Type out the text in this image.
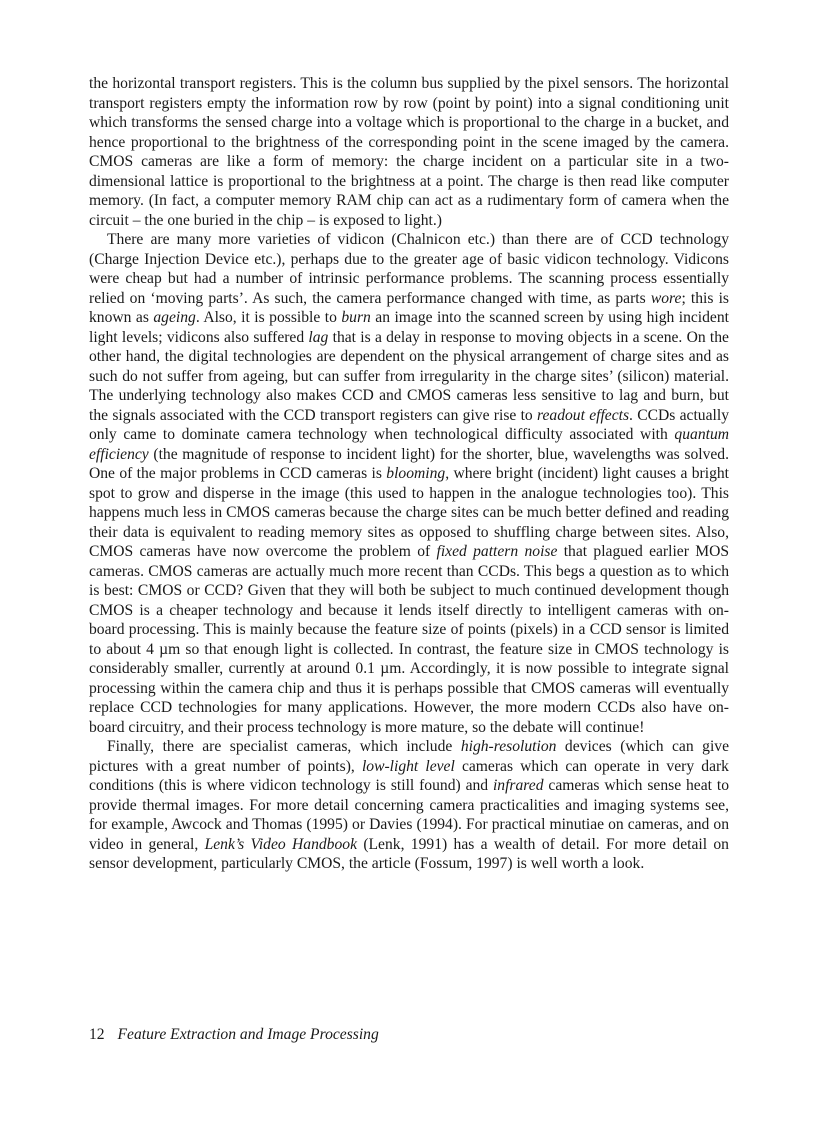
the horizontal transport registers. This is the column bus supplied by the pixel sensors. The horizontal transport registers empty the information row by row (point by point) into a signal conditioning unit which transforms the sensed charge into a voltage which is proportional to the charge in a bucket, and hence proportional to the brightness of the corresponding point in the scene imaged by the camera. CMOS cameras are like a form of memory: the charge incident on a particular site in a two-dimensional lattice is proportional to the brightness at a point. The charge is then read like computer memory. (In fact, a computer memory RAM chip can act as a rudimentary form of camera when the circuit – the one buried in the chip – is exposed to light.)

There are many more varieties of vidicon (Chalnicon etc.) than there are of CCD technology (Charge Injection Device etc.), perhaps due to the greater age of basic vidicon technology. Vidicons were cheap but had a number of intrinsic performance problems. The scanning process essentially relied on ‘moving parts’. As such, the camera performance changed with time, as parts wore; this is known as ageing. Also, it is possible to burn an image into the scanned screen by using high incident light levels; vidicons also suffered lag that is a delay in response to moving objects in a scene. On the other hand, the digital technologies are dependent on the physical arrangement of charge sites and as such do not suffer from ageing, but can suffer from irregularity in the charge sites’ (silicon) material. The underlying technology also makes CCD and CMOS cameras less sensitive to lag and burn, but the signals associated with the CCD transport registers can give rise to readout effects. CCDs actually only came to dominate camera technology when technological difficulty associated with quantum efficiency (the magnitude of response to incident light) for the shorter, blue, wavelengths was solved. One of the major problems in CCD cameras is blooming, where bright (incident) light causes a bright spot to grow and disperse in the image (this used to happen in the analogue technologies too). This happens much less in CMOS cameras because the charge sites can be much better defined and reading their data is equivalent to reading memory sites as opposed to shuffling charge between sites. Also, CMOS cameras have now overcome the problem of fixed pattern noise that plagued earlier MOS cameras. CMOS cameras are actually much more recent than CCDs. This begs a question as to which is best: CMOS or CCD? Given that they will both be subject to much continued development though CMOS is a cheaper technology and because it lends itself directly to intelligent cameras with on-board processing. This is mainly because the feature size of points (pixels) in a CCD sensor is limited to about 4 µm so that enough light is collected. In contrast, the feature size in CMOS technology is considerably smaller, currently at around 0.1 µm. Accordingly, it is now possible to integrate signal processing within the camera chip and thus it is perhaps possible that CMOS cameras will eventually replace CCD technologies for many applications. However, the more modern CCDs also have on-board circuitry, and their process technology is more mature, so the debate will continue!

Finally, there are specialist cameras, which include high-resolution devices (which can give pictures with a great number of points), low-light level cameras which can operate in very dark conditions (this is where vidicon technology is still found) and infrared cameras which sense heat to provide thermal images. For more detail concerning camera practicalities and imaging systems see, for example, Awcock and Thomas (1995) or Davies (1994). For practical minutiae on cameras, and on video in general, Lenk’s Video Handbook (Lenk, 1991) has a wealth of detail. For more detail on sensor development, particularly CMOS, the article (Fossum, 1997) is well worth a look.

12 Feature Extraction and Image Processing
